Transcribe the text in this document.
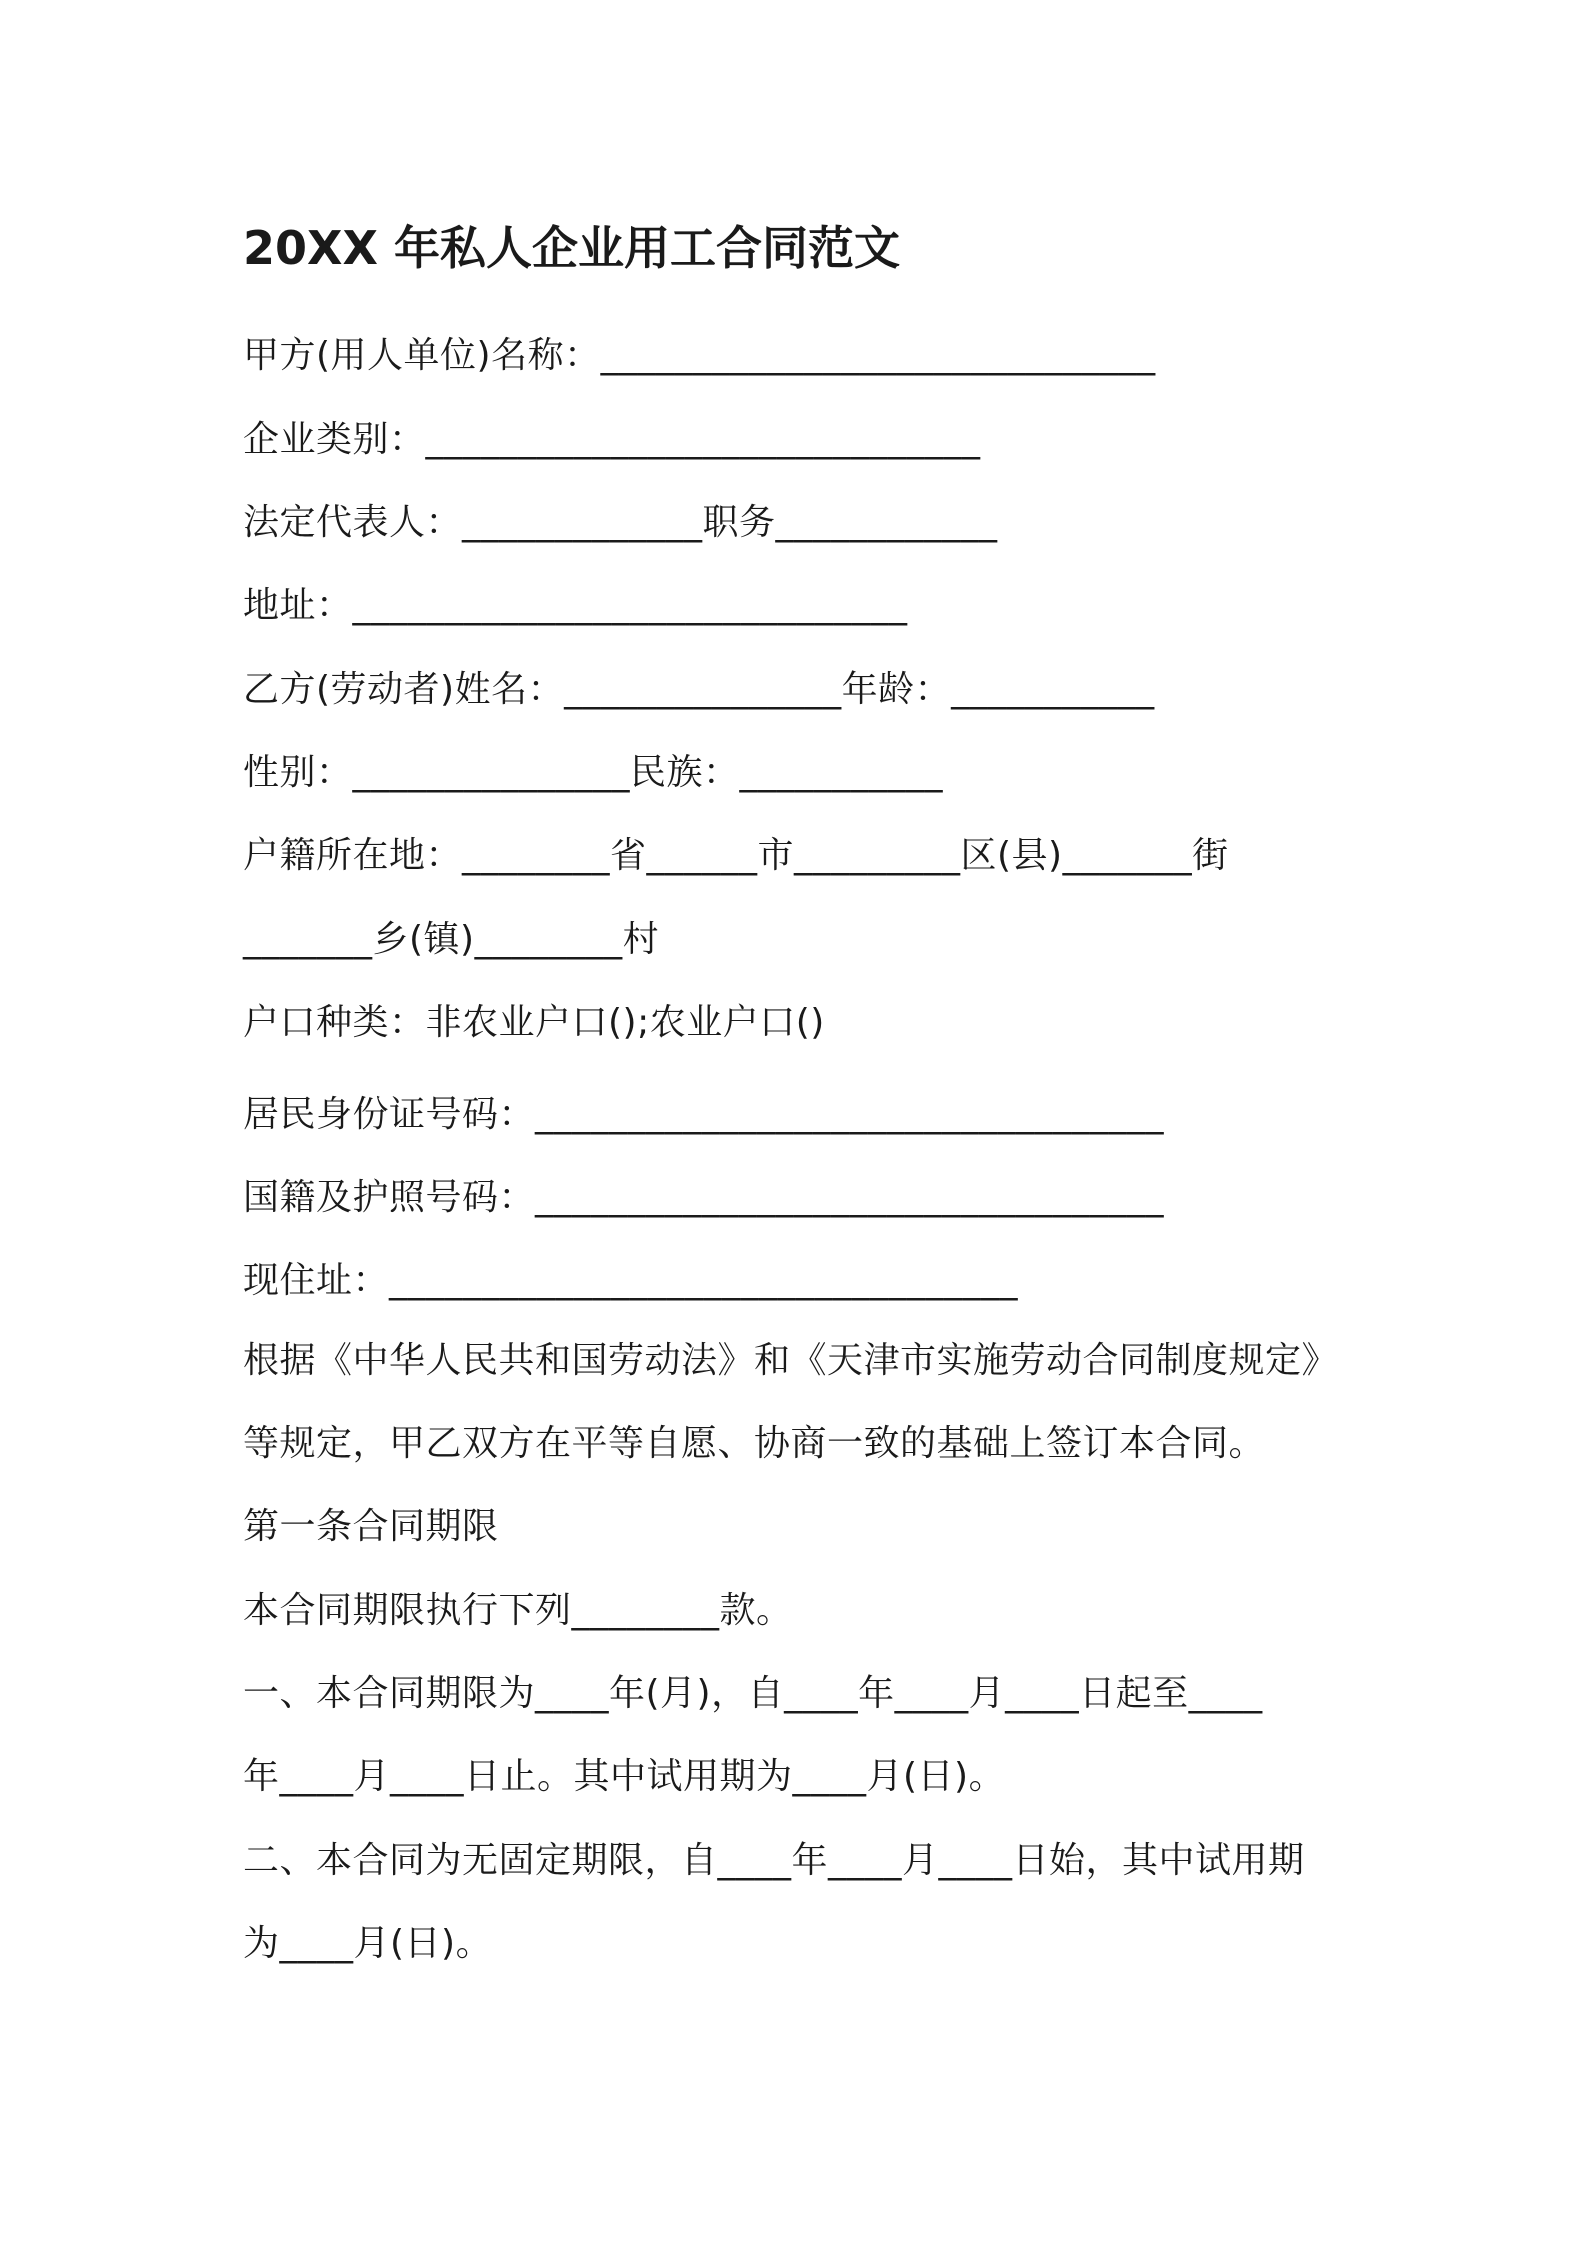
20XX 年私人企业用工合同范文
甲方(用人单位)名称：______________________________
企业类别：______________________________
法定代表人：_____________职务____________
地址：______________________________
乙方(劳动者)姓名：_______________年龄：___________
性别：_______________民族：___________
户籍所在地：________省______市_________区(县)_______街
_______乡(镇)________村
户口种类：非农业户口();农业户口()
居民身份证号码：__________________________________
国籍及护照号码：__________________________________
现住址：__________________________________
根据《中华人民共和国劳动法》和《天津市实施劳动合同制度规定》
等规定，甲乙双方在平等自愿、协商一致的基础上签订本合同。
第一条合同期限
本合同期限执行下列________款。
一、本合同期限为____年(月)，自____年____月____日起至____
年____月____日止。其中试用期为____月(日)。
二、本合同为无固定期限，自____年____月____日始，其中试用期
为____月(日)。
